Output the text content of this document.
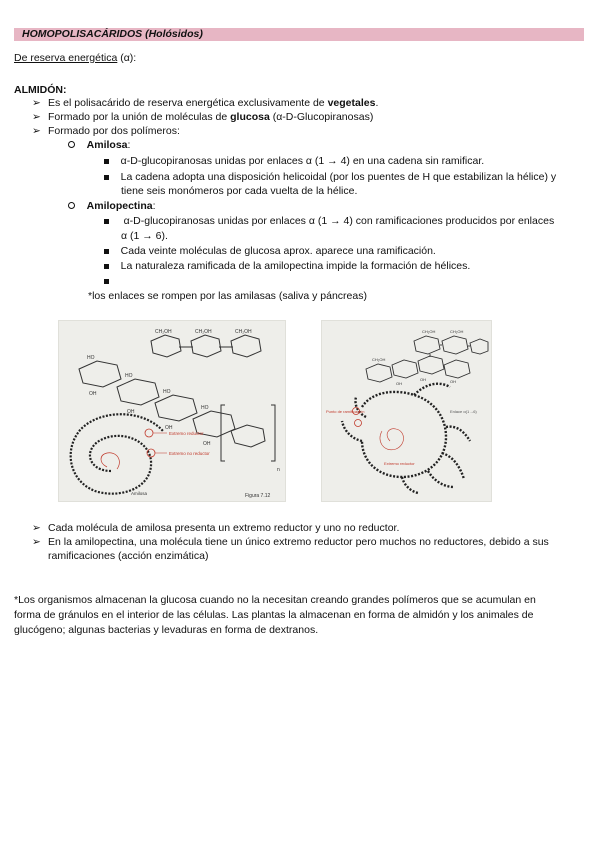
HOMOPOLISACÁRIDOS (Holósidos)
De reserva energética (α):
ALMIDÓN:
➢ Es el polisacárido de reserva energética exclusivamente de vegetales.
➢ Formado por la unión de moléculas de glucosa (α-D-Glucopiranosas)
➢ Formado por dos polímeros:
Amilosa:
α-D-glucopiranosas unidas por enlaces α (1 → 4) en una cadena sin ramificar.
La cadena adopta una disposición helicoidal (por los puentes de H que estabilizan la hélice) y
tiene seis monómeros por cada vuelta de la hélice.
Amilopectina:
α-D-glucopiranosas unidas por enlaces α (1 → 4) con ramificaciones producidos por enlaces
α (1 → 6).
Cada veinte moléculas de glucosa aprox. aparece una ramificación.
La naturaleza ramificada de la amilopectina impide la formación de hélices.
*los enlaces se rompen por las amilasas (saliva y páncreas)
HO
HO
HO
HO
CH₂OH	CH₂OH	CH₂OH
OH
OH
OH
OH
n
Extremo reductor
Extremo no reductor
Amilosa	Figura 7.12
CH₂OH	CH₂OH
CH₂OH
OH
OH	OH
Punto de ramificación	Enlace α(1→6)
Extremo reductor
➢ Cada molécula de amilosa presenta un extremo reductor y uno no reductor.
➢ En la amilopectina, una molécula tiene un único extremo reductor pero muchos no reductores, debido a sus
ramificaciones (acción enzimática)
*Los organismos almacenan la glucosa cuando no la necesitan creando grandes polímeros que se acumulan en
forma de gránulos en el interior de las células. Las plantas la almacenan en forma de almidón y los animales de
glucógeno; algunas bacterias y levaduras en forma de dextranos.
